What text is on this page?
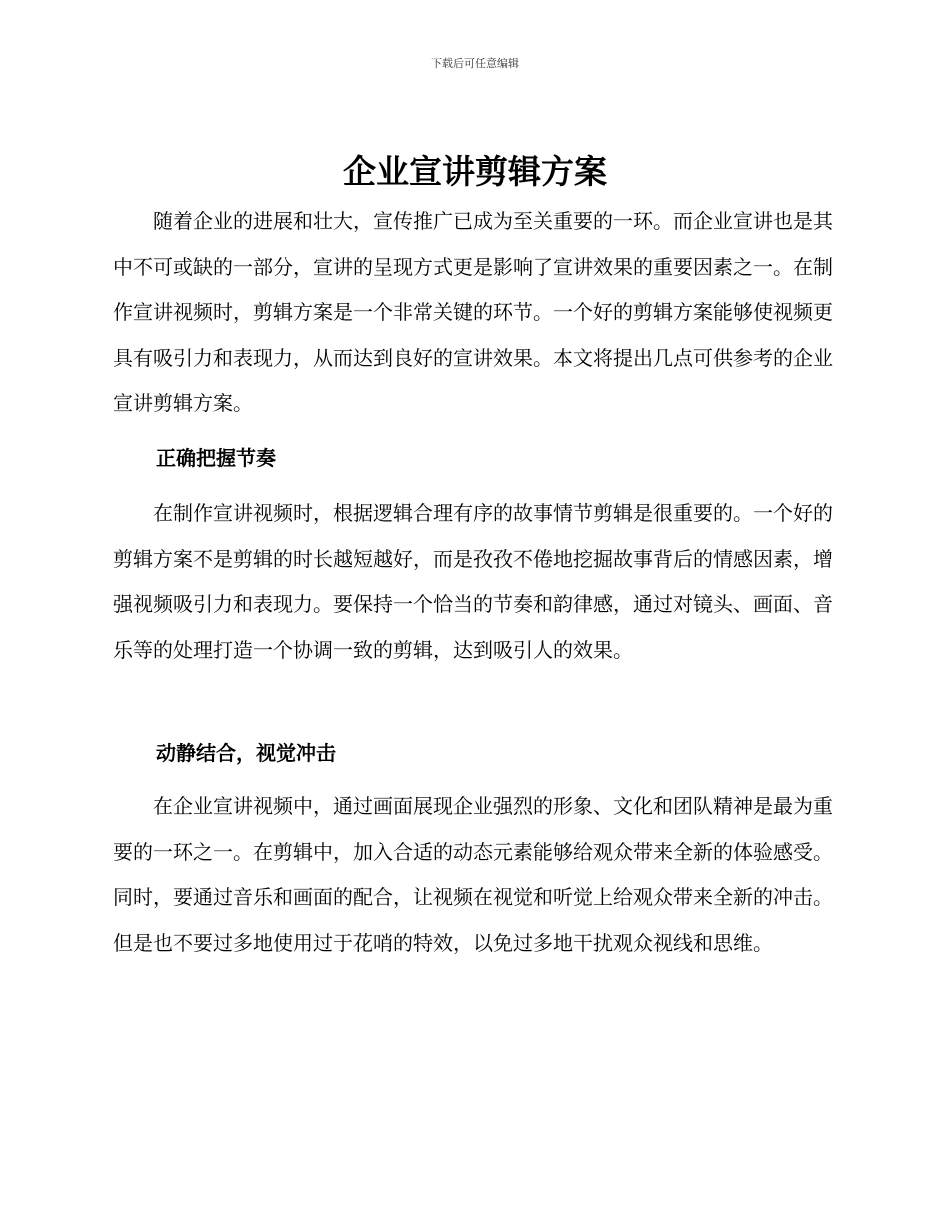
下载后可任意编辑
企业宣讲剪辑方案

随着企业的进展和壮大，宣传推广已成为至关重要的一环。而企业宣讲也是其中不可或缺的一部分，宣讲的呈现方式更是影响了宣讲效果的重要因素之一。在制作宣讲视频时，剪辑方案是一个非常关键的环节。一个好的剪辑方案能够使视频更具有吸引力和表现力，从而达到良好的宣讲效果。本文将提出几点可供参考的企业宣讲剪辑方案。

正确把握节奏

在制作宣讲视频时，根据逻辑合理有序的故事情节剪辑是很重要的。一个好的剪辑方案不是剪辑的时长越短越好，而是孜孜不倦地挖掘故事背后的情感因素，增强视频吸引力和表现力。要保持一个恰当的节奏和韵律感，通过对镜头、画面、音乐等的处理打造一个协调一致的剪辑，达到吸引人的效果。

动静结合，视觉冲击

在企业宣讲视频中，通过画面展现企业强烈的形象、文化和团队精神是最为重要的一环之一。在剪辑中，加入合适的动态元素能够给观众带来全新的体验感受。同时，要通过音乐和画面的配合，让视频在视觉和听觉上给观众带来全新的冲击。但是也不要过多地使用过于花哨的特效，以免过多地干扰观众视线和思维。
